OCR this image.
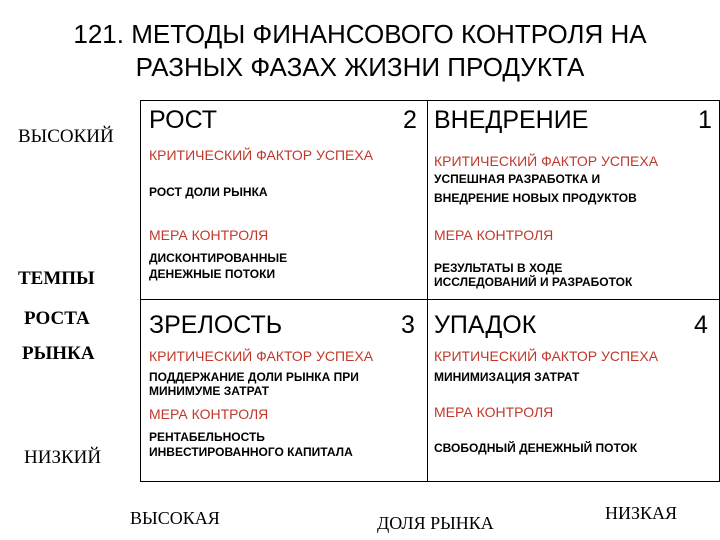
121. МЕТОДЫ ФИНАНСОВОГО КОНТРОЛЯ НА
РАЗНЫХ ФАЗАХ ЖИЗНИ ПРОДУКТА
ВЫСОКИЙ
ТЕМПЫ
РОСТА
РЫНКА
НИЗКИЙ
РОСТ	2
КРИТИЧЕСКИЙ ФАКТОР УСПЕХА
РОСТ ДОЛИ РЫНКА
МЕРА КОНТРОЛЯ
ДИСКОНТИРОВАННЫЕ
ДЕНЕЖНЫЕ ПОТОКИ
ВНЕДРЕНИЕ	1
КРИТИЧЕСКИЙ ФАКТОР УСПЕХА
УСПЕШНАЯ РАЗРАБОТКА И
ВНЕДРЕНИЕ НОВЫХ ПРОДУКТОВ
МЕРА КОНТРОЛЯ
РЕЗУЛЬТАТЫ В ХОДЕ
ИССЛЕДОВАНИЙ И РАЗРАБОТОК
ЗРЕЛОСТЬ	3
КРИТИЧЕСКИЙ ФАКТОР УСПЕХА
ПОДДЕРЖАНИЕ ДОЛИ РЫНКА ПРИ
МИНИМУМЕ ЗАТРАТ
МЕРА КОНТРОЛЯ
РЕНТАБЕЛЬНОСТЬ
ИНВЕСТИРОВАННОГО КАПИТАЛА
УПАДОК	4
КРИТИЧЕСКИЙ ФАКТОР УСПЕХА
МИНИМИЗАЦИЯ ЗАТРАТ
МЕРА КОНТРОЛЯ
СВОБОДНЫЙ ДЕНЕЖНЫЙ ПОТОК
ВЫСОКАЯ	ДОЛЯ РЫНКА	НИЗКАЯ
